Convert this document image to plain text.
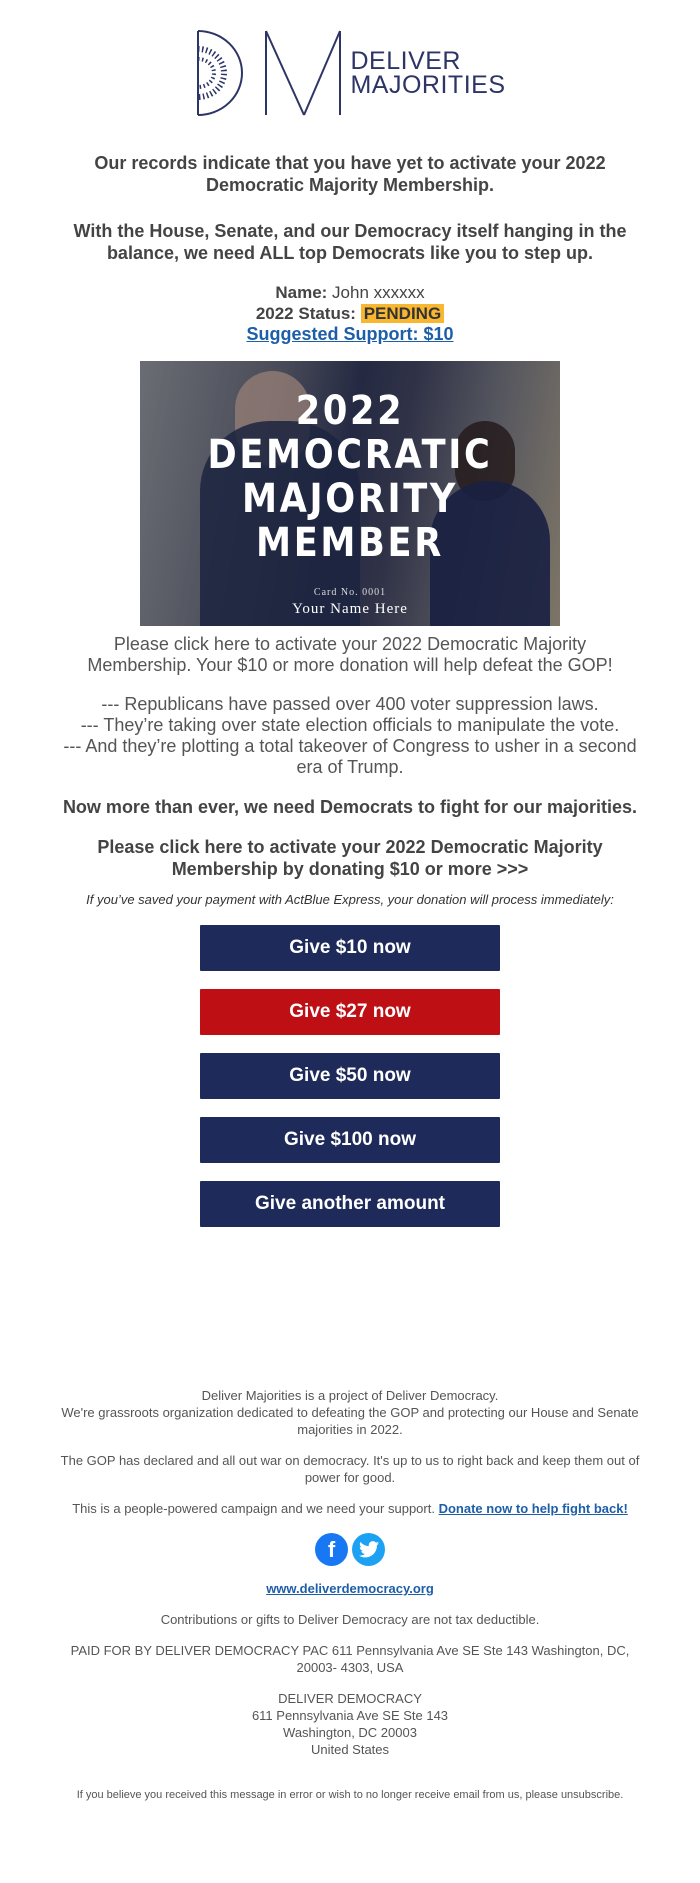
DELIVER
MAJORITIES

Our records indicate that you have yet to activate your 2022 Democratic Majority Membership.

With the House, Senate, and our Democracy itself hanging in the balance, we need ALL top Democrats like you to step up.

Name: John xxxxxx
2022 Status: PENDING
Suggested Support: $10
2022
DEMOCRATIC
MAJORITY
MEMBER
Card No. 0001
Your Name Here

Please click here to activate your 2022 Democratic Majority Membership. Your $10 or more donation will help defeat the GOP!

--- Republicans have passed over 400 voter suppression laws.

--- They’re taking over state election officials to manipulate the vote.

--- And they’re plotting a total takeover of Congress to usher in a second era of Trump.

Now more than ever, we need Democrats to fight for our majorities.
Please click here to activate your 2022 Democratic Majority Membership by donating $10 or more >>>
If you’ve saved your payment with ActBlue Express, your donation will process immediately:
Give $10 now
Give $27 now
Give $50 now
Give $100 now
Give another amount

Deliver Majorities is a project of Deliver Democracy.

We're grassroots organization dedicated to defeating the GOP and protecting our House and Senate majorities in 2022.

The GOP has declared and all out war on democracy. It's up to us to right back and keep them out of power for good.

This is a people-powered campaign and we need your support. Donate now to help fight back!

f

www.deliverdemocracy.org

Contributions or gifts to Deliver Democracy are not tax deductible.

PAID FOR BY DELIVER DEMOCRACY PAC 611 Pennsylvania Ave SE Ste 143 Washington, DC, 20003- 4303, USA

DELIVER DEMOCRACY

611 Pennsylvania Ave SE Ste 143

Washington, DC 20003

United States

If you believe you received this message in error or wish to no longer receive email from us, please unsubscribe.
